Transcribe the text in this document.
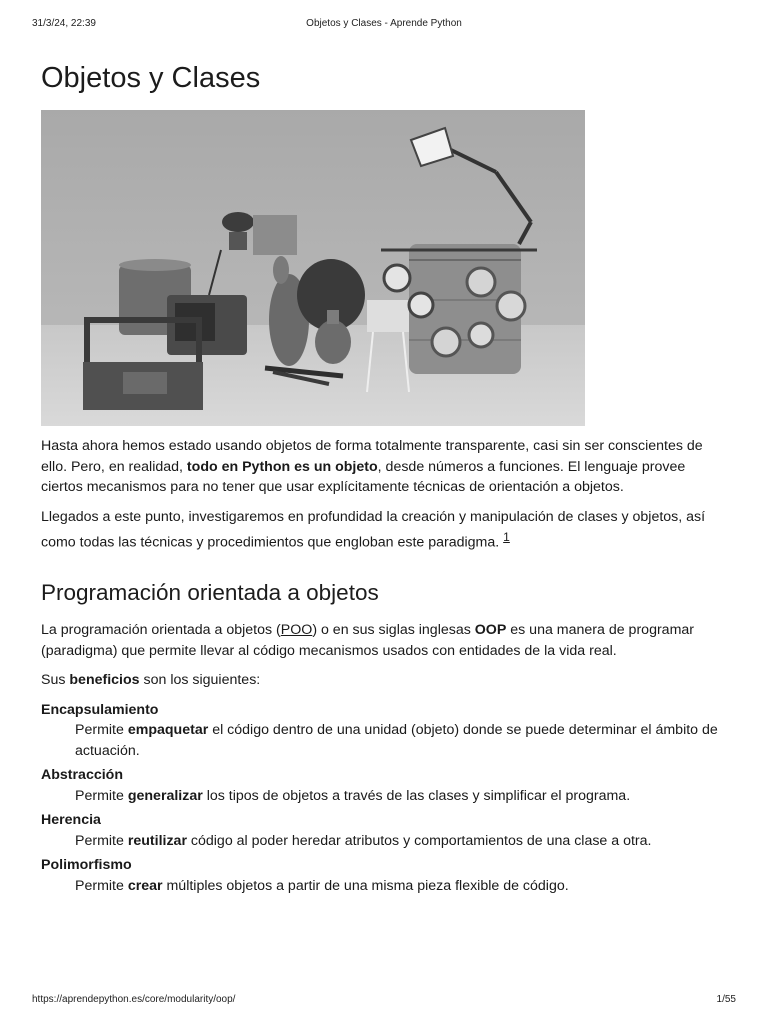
31/3/24, 22:39	Objetos y Clases - Aprende Python
Objetos y Clases

Hasta ahora hemos estado usando objetos de forma totalmente transparente, casi sin ser conscientes de ello. Pero, en realidad, todo en Python es un objeto, desde números a funciones. El lenguaje provee ciertos mecanismos para no tener que usar explícitamente técnicas de orientación a objetos.

Llegados a este punto, investigaremos en profundidad la creación y manipulación de clases y objetos, así como todas las técnicas y procedimientos que engloban este paradigma. $^1$

Programación orientada a objetos

La programación orientada a objetos (POO) o en sus siglas inglesas OOP es una manera de programar (paradigma) que permite llevar al código mecanismos usados con entidades de la vida real.

Sus beneficios son los siguientes:

Encapsulamiento
Permite empaquetar el código dentro de una unidad (objeto) donde se puede determinar el ámbito de actuación.
Abstracción
Permite generalizar los tipos de objetos a través de las clases y simplificar el programa.
Herencia
Permite reutilizar código al poder heredar atributos y comportamientos de una clase a otra.
Polimorfismo
Permite crear múltiples objetos a partir de una misma pieza flexible de código.
https://aprendepython.es/core/modularity/oop/	1/55
